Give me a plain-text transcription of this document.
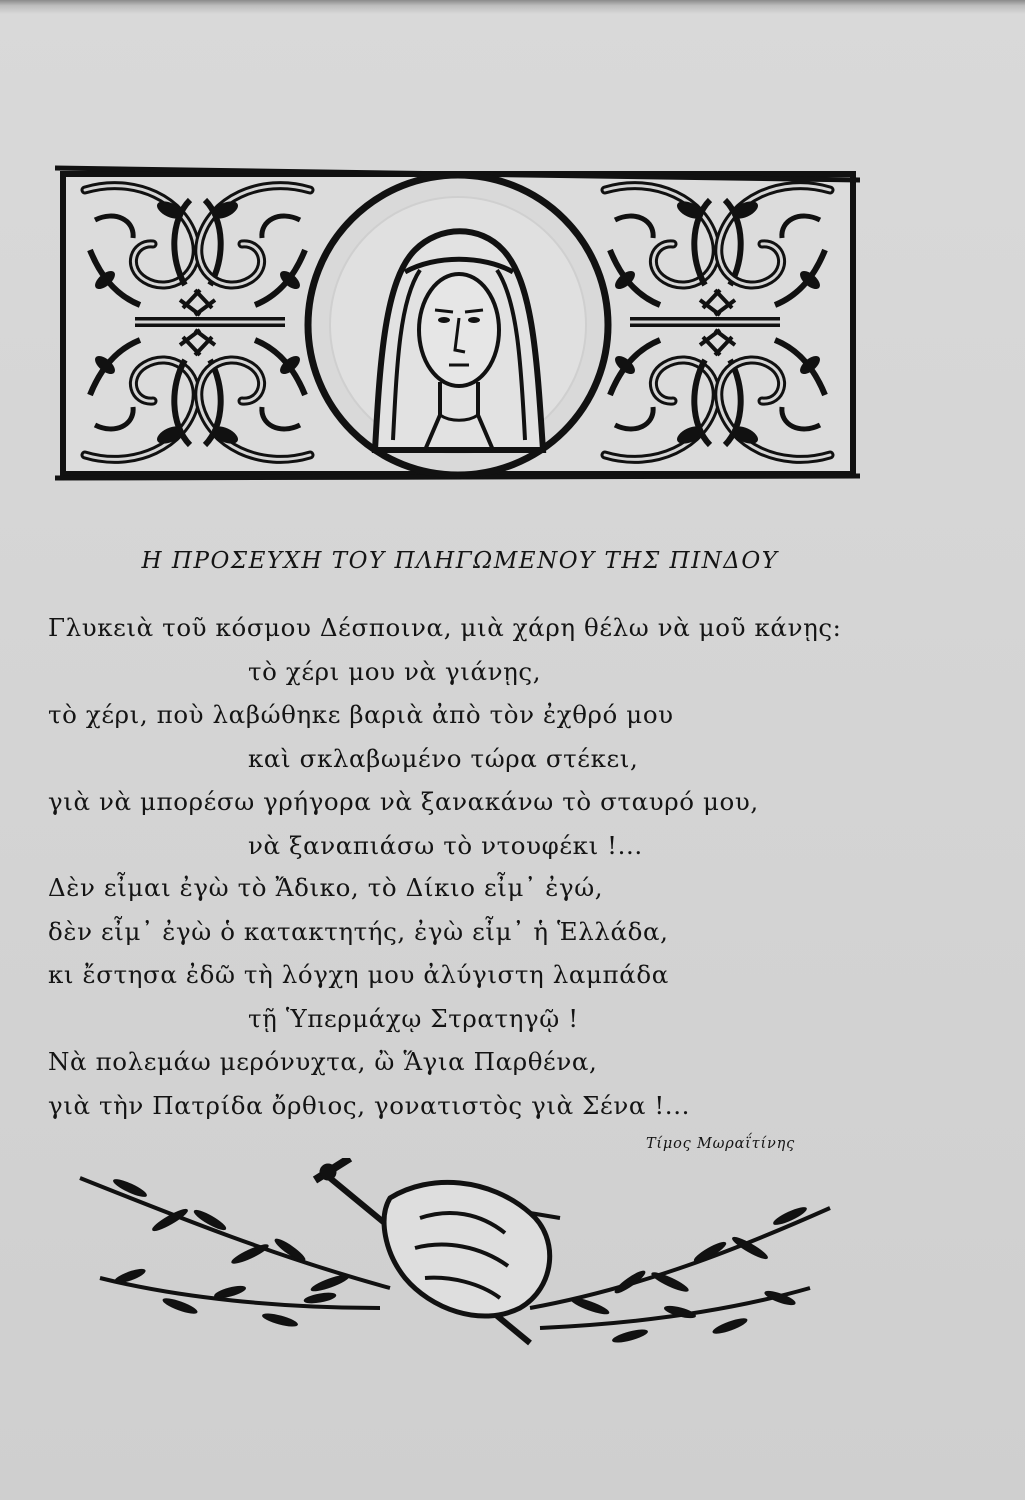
Η ΠΡΟΣΕΥΧΗ ΤΟΥ ΠΛΗΓΩΜΕΝΟΥ ΤΗΣ ΠΙΝΔΟΥ
Γλυκειὰ τοῦ κόσμου Δέσποινα, μιὰ χάρη θέλω νὰ μοῦ κάνῃς:
τὸ χέρι μου νὰ γιάνῃς,
τὸ χέρι, ποὺ λαβώθηκε βαριὰ ἀπὸ τὸν ἐχθρό μου
καὶ σκλαβωμένο τώρα στέκει,
γιὰ νὰ μπορέσω γρήγορα νὰ ξανακάνω τὸ σταυρό μου,
νὰ ξαναπιάσω τὸ ντουφέκι !...
Δὲν εἶμαι ἐγὼ τὸ Ἄδικο, τὸ Δίκιο εἶμ᾽ ἐγώ,
δὲν εἶμ᾽ ἐγὼ ὁ κατακτητής, ἐγὼ εἶμ᾽ ἡ Ἑλλάδα,
κι ἔστησα ἐδῶ τὴ λόγχη μου ἀλύγιστη λαμπάδα
τῇ Ὑπερμάχῳ Στρατηγῷ !
Νὰ πολεμάω μερόνυχτα, ὢ Ἅγια Παρθένα,
γιὰ τὴν Πατρίδα ὄρθιος, γονατιστὸς γιὰ Σένα !...
Τίμος Μωραΐτίνης
